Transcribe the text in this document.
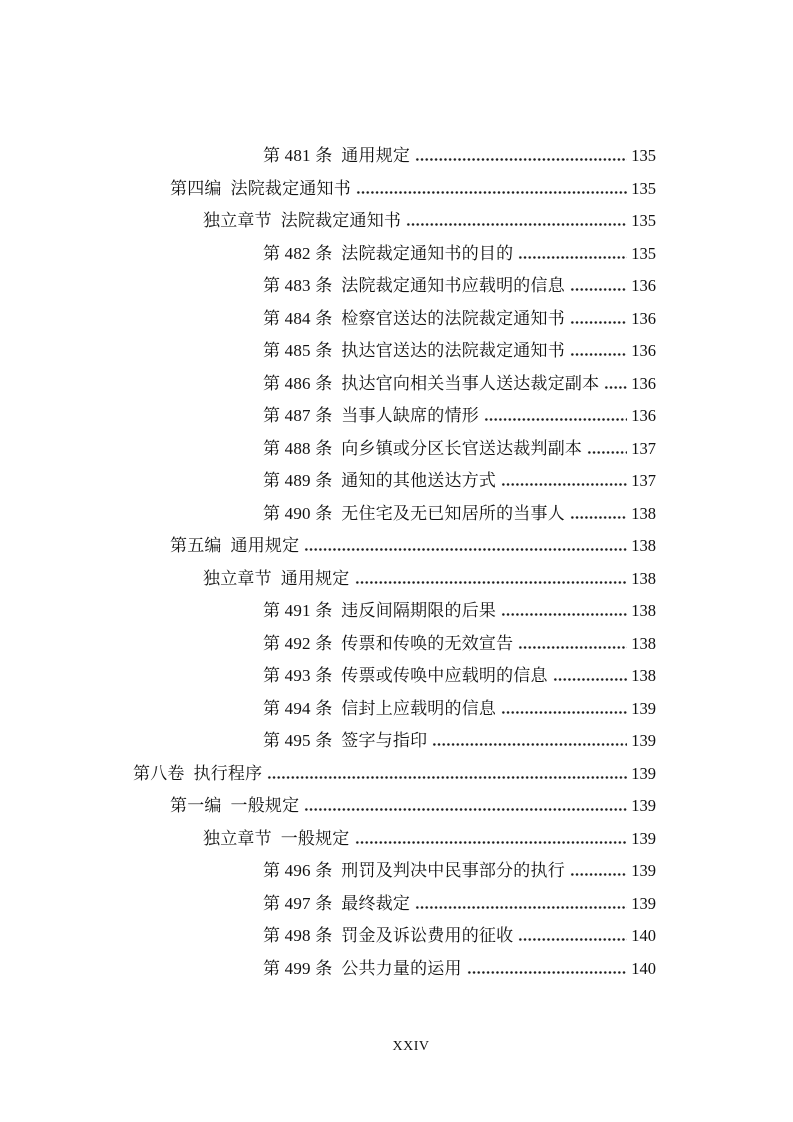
第 481 条  通用规定	135
第四编  法院裁定通知书	135
独立章节  法院裁定通知书	135
第 482 条  法院裁定通知书的目的	135
第 483 条  法院裁定通知书应载明的信息	136
第 484 条  检察官送达的法院裁定通知书	136
第 485 条  执达官送达的法院裁定通知书	136
第 486 条  执达官向相关当事人送达裁定副本 136
第 487 条  当事人缺席的情形	136
第 488 条  向乡镇或分区长官送达裁判副本	137
第 489 条  通知的其他送达方式	137
第 490 条  无住宅及无已知居所的当事人	138
第五编  通用规定	138
独立章节  通用规定	138
第 491 条  违反间隔期限的后果	138
第 492 条  传票和传唤的无效宣告	138
第 493 条  传票或传唤中应载明的信息	138
第 494 条  信封上应载明的信息	139
第 495 条  签字与指印	139
第八卷  执行程序	139
第一编  一般规定	139
独立章节  一般规定	139
第 496 条  刑罚及判决中民事部分的执行	139
第 497 条  最终裁定	139
第 498 条  罚金及诉讼费用的征收	140
第 499 条  公共力量的运用	140
XXIV
